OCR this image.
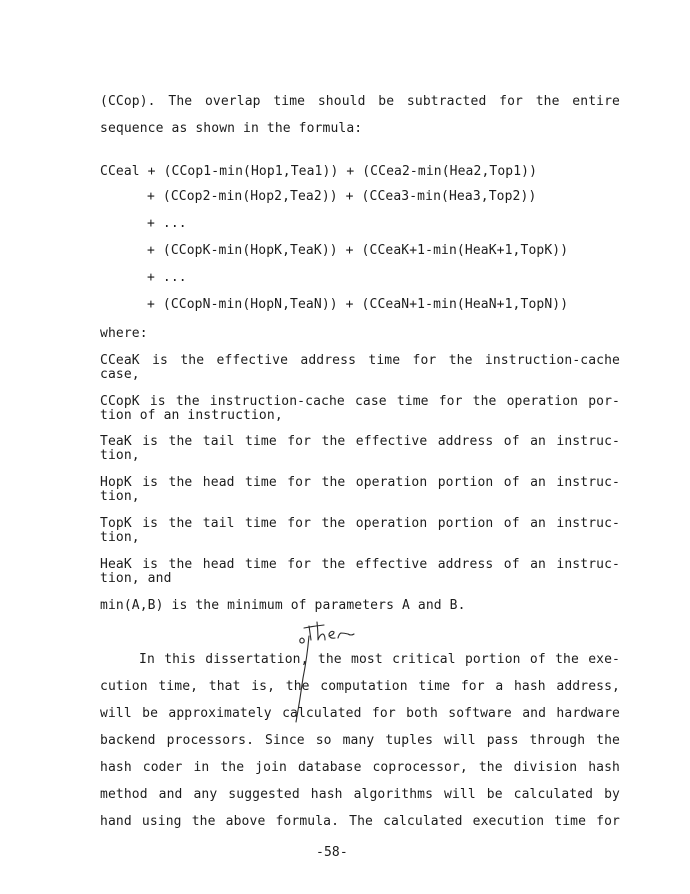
(CCop). The overlap time should be subtracted for the entire
sequence as shown in the formula:
CCeal + (CCop1-min(Hop1,Tea1)) + (CCea2-min(Hea2,Top1))
+ (CCop2-min(Hop2,Tea2)) + (CCea3-min(Hea3,Top2))
+ ...
+ (CCopK-min(HopK,TeaK)) + (CCeaK+1-min(HeaK+1,TopK))
+ ...
+ (CCopN-min(HopN,TeaN)) + (CCeaN+1-min(HeaN+1,TopN))
where:
CCeaK is the effective address time for the instruction-cache
case,
CCopK is the instruction-cache case time for the operation por-
tion of an instruction,
TeaK is the tail time for the effective address of an instruc-
tion,
HopK is the head time for the operation portion of an instruc-
tion,
TopK is the tail time for the operation portion of an instruc-
tion,
HeaK is the head time for the effective address of an instruc-
tion, and
min(A,B) is the minimum of parameters A and B.
In this dissertation, the most critical portion of the exe-
cution time, that is, the computation time for a hash address,
will be approximately calculated for both software and hardware
backend processors. Since so many tuples will pass through the
hash coder in the join database coprocessor, the division hash
method and any suggested hash algorithms will be calculated by
hand using the above formula. The calculated execution time for
-58-
